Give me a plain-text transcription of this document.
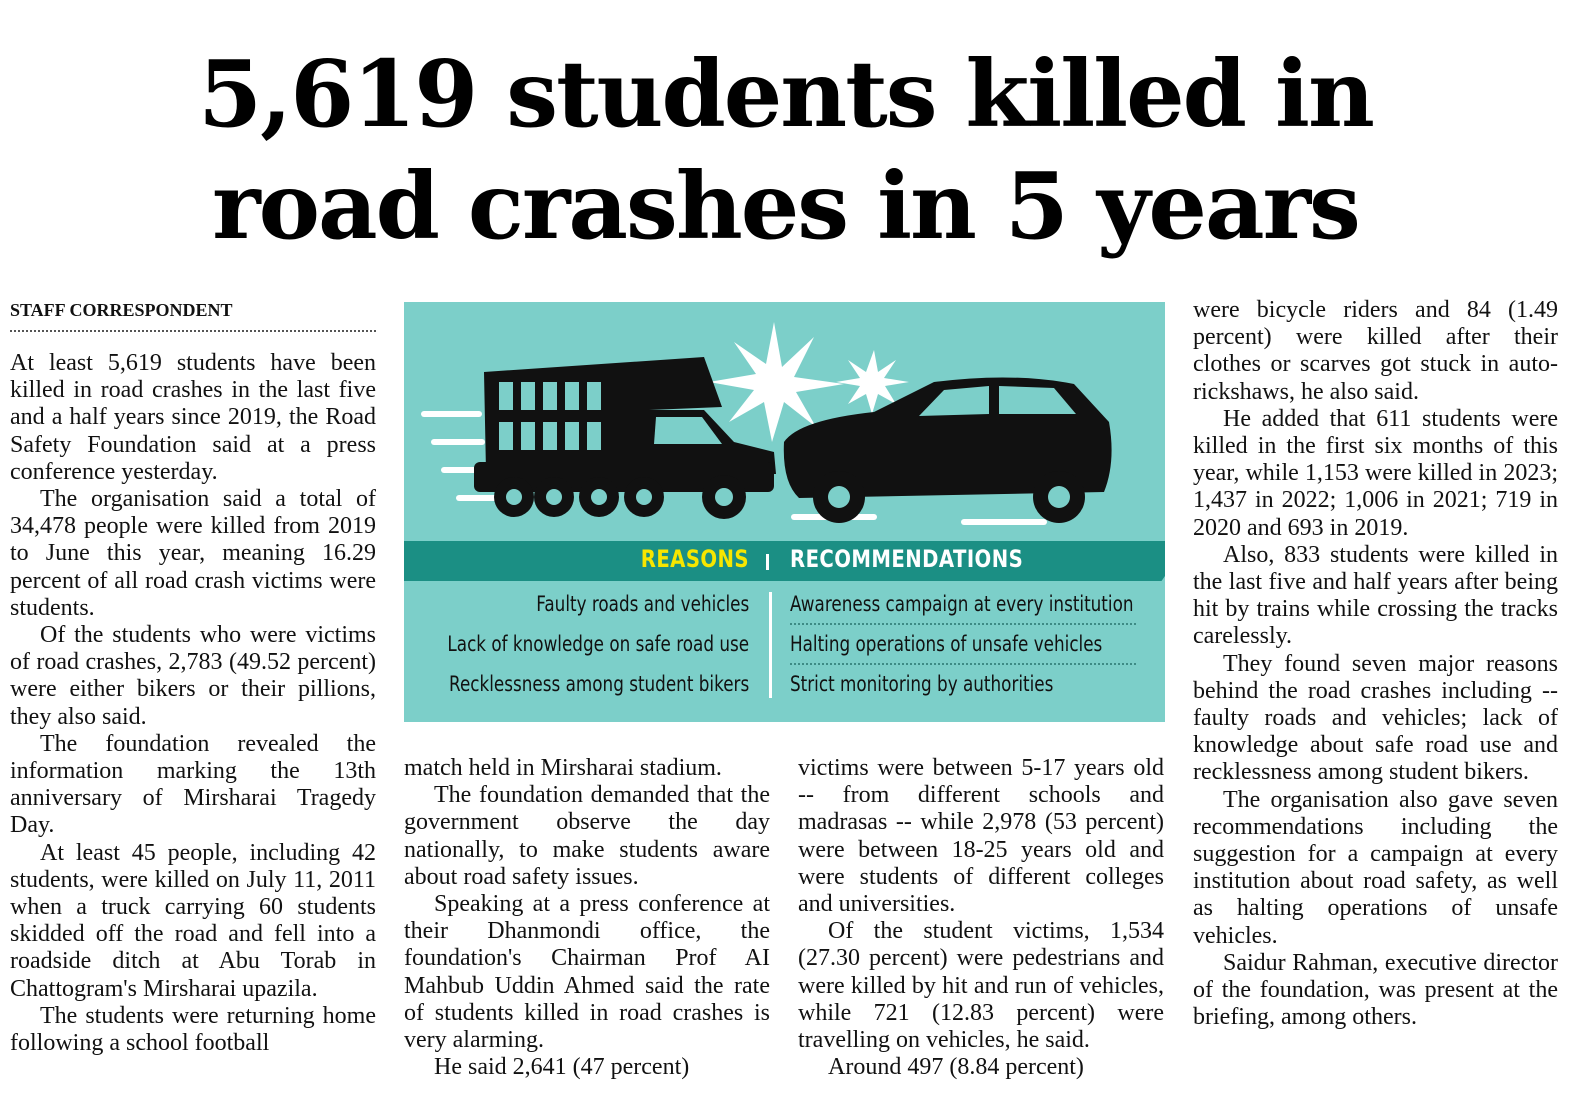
5,619 students killed in
road crashes in 5 years
STAFF CORRESPONDENT

At least 5,619 students have been killed in road crashes in the last five and a half years since 2019, the Road Safety Foundation said at a press conference yesterday.

The organisation said a total of 34,478 people were killed from 2019 to June this year, meaning 16.29 percent of all road crash victims were students.

Of the students who were victims of road crashes, 2,783 (49.52 percent) were either bikers or their pillions, they also said.

The foundation revealed the information marking the 13th anniversary of Mirsharai Tragedy Day.

At least 45 people, including 42 students, were killed on July 11, 2011 when a truck carrying 60 students skidded off the road and fell into a roadside ditch at Abu Torab in Chattogram's Mirsharai upazila.

The students were returning home following a school football

REASONS RECOMMENDATIONS
Faulty roads and vehicles Awareness campaign at every institution
Lack of knowledge on safe road use Halting operations of unsafe vehicles
Recklessness among student bikers Strict monitoring by authorities

match held in Mirsharai stadium.

The foundation demanded that the government observe the day nationally, to make students aware about road safety issues.

Speaking at a press conference at their Dhanmondi office, the foundation's Chairman Prof AI Mahbub Uddin Ahmed said the rate of students killed in road crashes is very alarming.

He said 2,641 (47 percent)

victims were between 5-17 years old -- from different schools and madrasas -- while 2,978 (53 percent) were between 18-25 years old and were students of different colleges and universities.

Of the student victims, 1,534 (27.30 percent) were pedestrians and were killed by hit and run of vehicles, while 721 (12.83 percent) were travelling on vehicles, he said.

Around 497 (8.84 percent)

were bicycle riders and 84 (1.49 percent) were killed after their clothes or scarves got stuck in auto-rickshaws, he also said.

He added that 611 students were killed in the first six months of this year, while 1,153 were killed in 2023; 1,437 in 2022; 1,006 in 2021; 719 in 2020 and 693 in 2019.

Also, 833 students were killed in the last five and half years after being hit by trains while crossing the tracks carelessly.

They found seven major reasons behind the road crashes including -- faulty roads and vehicles; lack of knowledge about safe road use and recklessness among student bikers.

The organisation also gave seven recommendations including the suggestion for a campaign at every institution about road safety, as well as halting operations of unsafe vehicles.

Saidur Rahman, executive director of the foundation, was present at the briefing, among others.
